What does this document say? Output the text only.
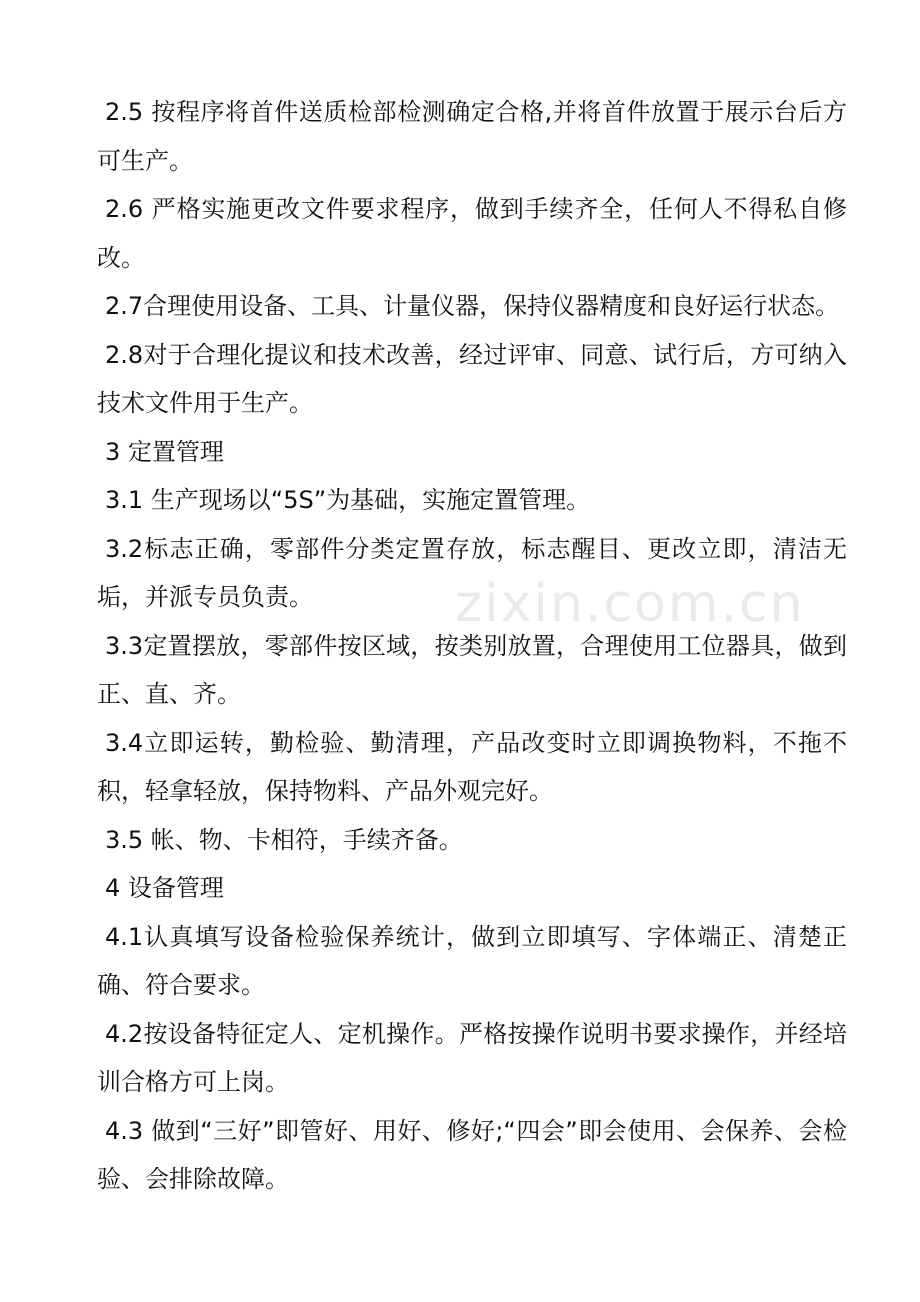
2.5 按程序将首件送质检部检测确定合格,并将首件放置于展示台后方可生产。

2.6 严格实施更改文件要求程序，做到手续齐全，任何人不得私自修改。

2.7合理使用设备、工具、计量仪器，保持仪器精度和良好运行状态。

2.8对于合理化提议和技术改善，经过评审、同意、试行后，方可纳入技术文件用于生产。

3 定置管理

3.1 生产现场以“5S”为基础，实施定置管理。

3.2标志正确，零部件分类定置存放，标志醒目、更改立即，清洁无垢，并派专员负责。

3.3定置摆放，零部件按区域，按类别放置，合理使用工位器具，做到正、直、齐。

3.4立即运转，勤检验、勤清理，产品改变时立即调换物料，不拖不积，轻拿轻放，保持物料、产品外观完好。

3.5 帐、物、卡相符，手续齐备。

4 设备管理

4.1认真填写设备检验保养统计，做到立即填写、字体端正、清楚正确、符合要求。

4.2按设备特征定人、定机操作。严格按操作说明书要求操作，并经培训合格方可上岗。

4.3 做到“三好”即管好、用好、修好;“四会”即会使用、会保养、会检验、会排除故障。

zixin.com.cn
